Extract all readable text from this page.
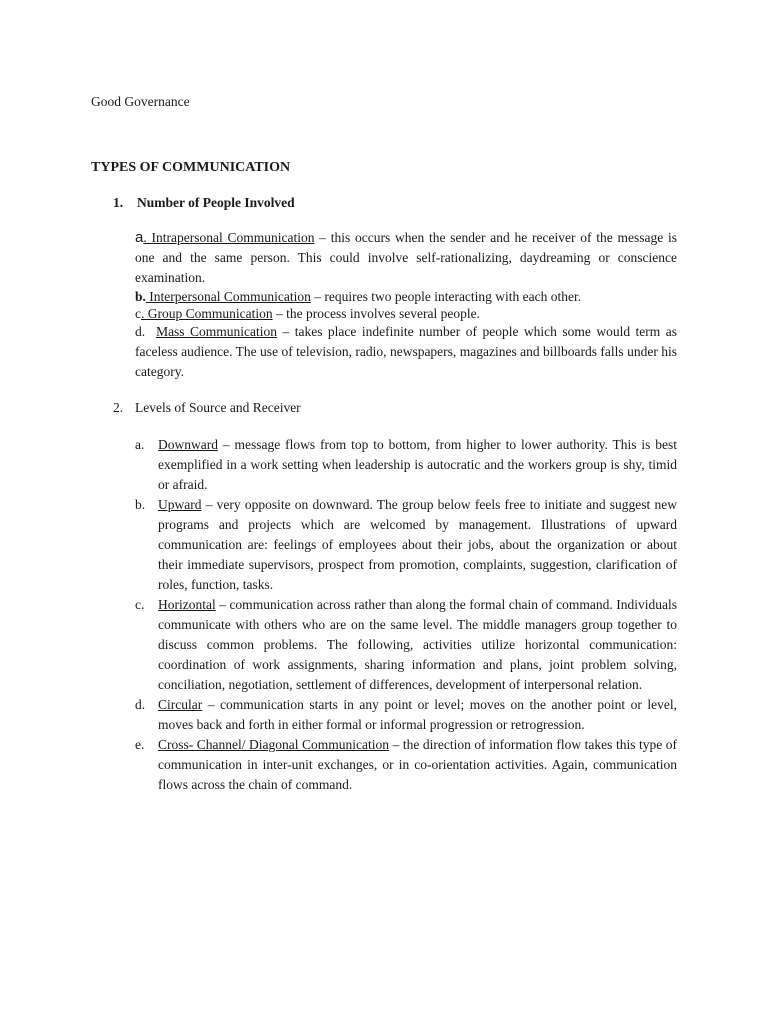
Good Governance
TYPES OF COMMUNICATION
1. Number of People Involved

a. Intrapersonal Communication – this occurs when the sender and he receiver of the message is one and the same person. This could involve self-rationalizing, daydreaming or conscience examination.

b. Interpersonal Communication – requires two people interacting with each other.

c. Group Communication – the process involves several people.

d. Mass Communication – takes place indefinite number of people which some would term as faceless audience. The use of television, radio, newspapers, magazines and billboards falls under his category.

2. Levels of Source and Receiver
a.	Downward – message flows from top to bottom, from higher to lower authority. This is best exemplified in a work setting when leadership is autocratic and the workers group is shy, timid or afraid.
b. Upward – very opposite on downward. The group below feels free to initiate and suggest new programs and projects which are welcomed by management. Illustrations of upward communication are: feelings of employees about their jobs, about the organization or about their immediate supervisors, prospect from promotion, complaints, suggestion, clarification of roles, function, tasks.
c.	Horizontal – communication across rather than along the formal chain of command. Individuals communicate with others who are on the same level. The middle managers group together to discuss common problems. The following, activities utilize horizontal communication: coordination of work assignments, sharing information and plans, joint problem solving, conciliation, negotiation, settlement of differences, development of interpersonal relation.
d. Circular – communication starts in any point or level; moves on the another point or level, moves back and forth in either formal or informal progression or retrogression.
e.	Cross- Channel/ Diagonal Communication – the direction of information flow takes this type of communication in inter-unit exchanges, or in co-orientation activities. Again, communication flows across the chain of command.
